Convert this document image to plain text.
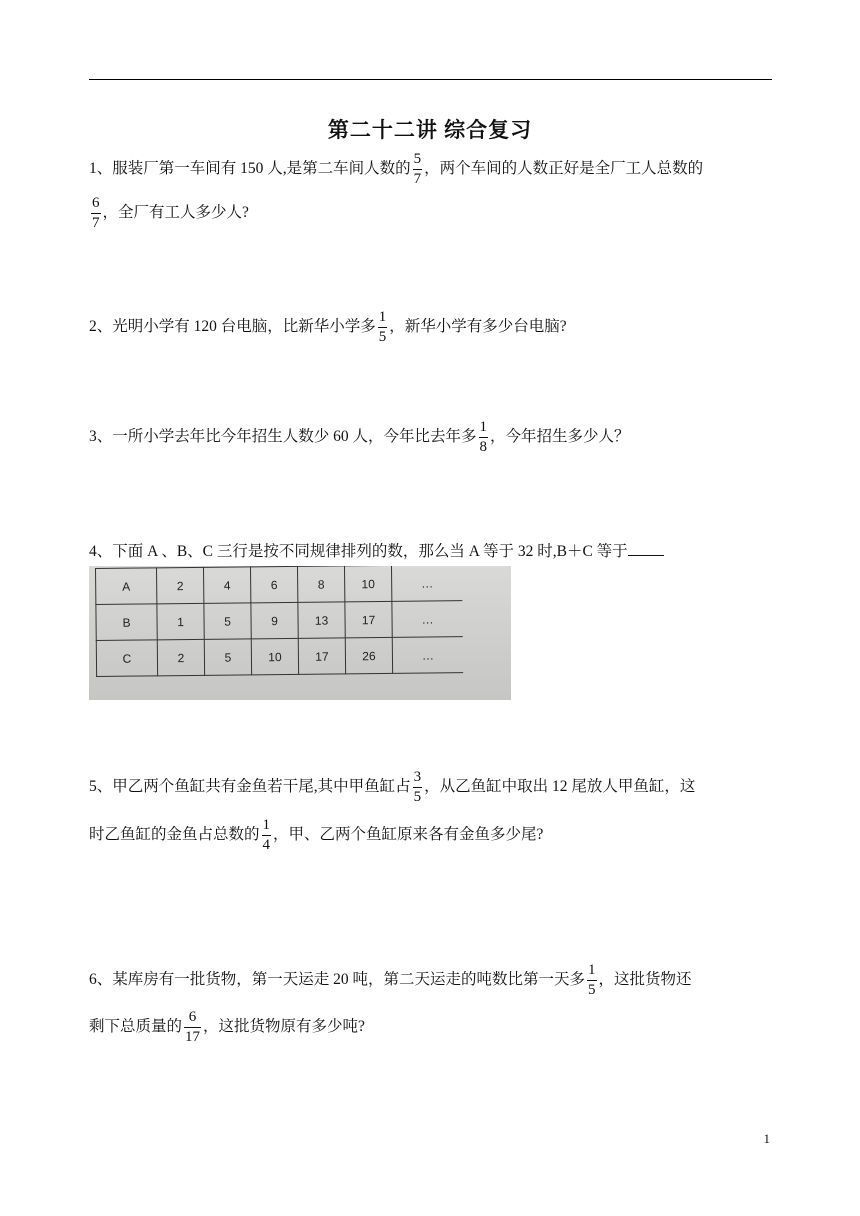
第二十二讲 综合复习
1、服装厂第一车间有 150 人,是第二车间人数的 $\frac{5}{7}$ ，两个车间的人数正好是全厂工人总数的
$\frac{6}{7}$ ，全厂有工人多少人?
2、光明小学有 120 台电脑，比新华小学多 $\frac{1}{5}$ ，新华小学有多少台电脑?
3、一所小学去年比今年招生人数少 60 人，今年比去年多 $\frac{1}{8}$ ，今年招生多少人？
4、下面 A 、B、C 三行是按不同规律排列的数，那么当 A 等于 32 时,B＋C 等于
A	2	4	6	8	10	…
B	1	5	9	13	17	…
C	2	5	10	17	26	…
5、甲乙两个鱼缸共有金鱼若干尾,其中甲鱼缸占 $\frac{3}{5}$ ，从乙鱼缸中取出 12 尾放人甲鱼缸，这
时乙鱼缸的金鱼占总数的 $\frac{1}{4}$ ，甲、乙两个鱼缸原来各有金鱼多少尾?
6、某库房有一批货物，第一天运走 20 吨，第二天运走的吨数比第一天多 $\frac{1}{5}$ ，这批货物还
剩下总质量的 $\frac{6}{17}$ ，这批货物原有多少吨?
1
